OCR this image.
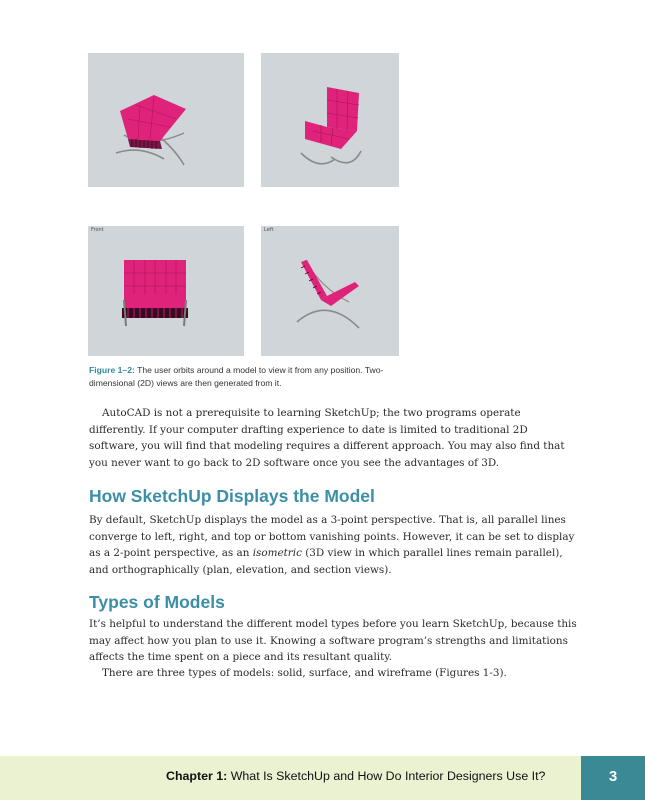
Front	Left
Figure 1–2: The user orbits around a model to view it from any position. Two-dimensional (2D) views are then generated from it.
AutoCAD is not a prerequisite to learning SketchUp; the two programs operate differently. If your computer drafting experience to date is limited to traditional 2D software, you will find that modeling requires a different approach. You may also find that you never want to go back to 2D software once you see the advantages of 3D.
How SketchUp Displays the Model
By default, SketchUp displays the model as a 3-point perspective. That is, all parallel lines converge to left, right, and top or bottom vanishing points. However, it can be set to display as a 2-point perspective, as an isometric (3D view in which parallel lines remain parallel), and orthographically (plan, elevation, and section views).
Types of Models
It’s helpful to understand the different model types before you learn SketchUp, because this may affect how you plan to use it. Knowing a software program’s strengths and limitations affects the time spent on a piece and its resultant quality.
There are three types of models: solid, surface, and wireframe (Figures 1-3).
Chapter 1: What Is SketchUp and How Do Interior Designers Use It?	3
